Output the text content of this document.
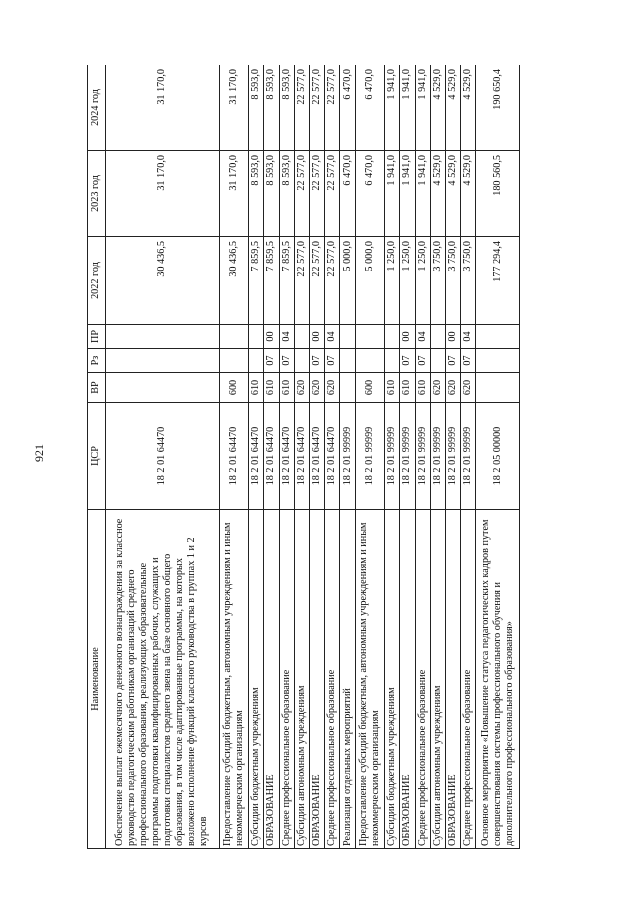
921
Наименование	ЦСР	ВР	Рз	ПР	2022 год	2023 год	2024 год
Обеспечение выплат ежемесячного денежного вознаграждения за классное руководство педагогическим работникам организаций среднего профессионального образования, реализующих образовательные программы подготовки квалифицированных рабочих, служащих и подготовки специалистов среднего звена на базе основного общего образования, в том числе адаптированные программы, на которых возложено исполнение функций классного руководства в группах 1 и 2 курсов	18 2 01 64470				30 436,5	31 170,0	31 170,0
Предоставление субсидий бюджетным, автономным учреждениям и иным некоммерческим организациям	18 2 01 64470	600			30 436,5	31 170,0	31 170,0
Субсидии бюджетным учреждениям	18 2 01 64470	610			7 859,5	8 593,0	8 593,0
ОБРАЗОВАНИЕ	18 2 01 64470	610	07	00	7 859,5	8 593,0	8 593,0
Среднее профессиональное образование	18 2 01 64470	610	07	04	7 859,5	8 593,0	8 593,0
Субсидии автономным учреждениям	18 2 01 64470	620			22 577,0	22 577,0	22 577,0
ОБРАЗОВАНИЕ	18 2 01 64470	620	07	00	22 577,0	22 577,0	22 577,0
Среднее профессиональное образование	18 2 01 64470	620	07	04	22 577,0	22 577,0	22 577,0
Реализация отдельных мероприятий	18 2 01 99999				5 000,0	6 470,0	6 470,0
Предоставление субсидий бюджетным, автономным учреждениям и иным некоммерческим организациям	18 2 01 99999	600			5 000,0	6 470,0	6 470,0
Субсидии бюджетным учреждениям	18 2 01 99999	610			1 250,0	1 941,0	1 941,0
ОБРАЗОВАНИЕ	18 2 01 99999	610	07	00	1 250,0	1 941,0	1 941,0
Среднее профессиональное образование	18 2 01 99999	610	07	04	1 250,0	1 941,0	1 941,0
Субсидии автономным учреждениям	18 2 01 99999	620			3 750,0	4 529,0	4 529,0
ОБРАЗОВАНИЕ	18 2 01 99999	620	07	00	3 750,0	4 529,0	4 529,0
Среднее профессиональное образование	18 2 01 99999	620	07	04	3 750,0	4 529,0	4 529,0
Основное мероприятие «Повышение статуса педагогических кадров путем совершенствования системы профессионального обучения и дополнительного профессионального образования»	18 2 05 00000				177 294,4	180 560,5	190 650,4
